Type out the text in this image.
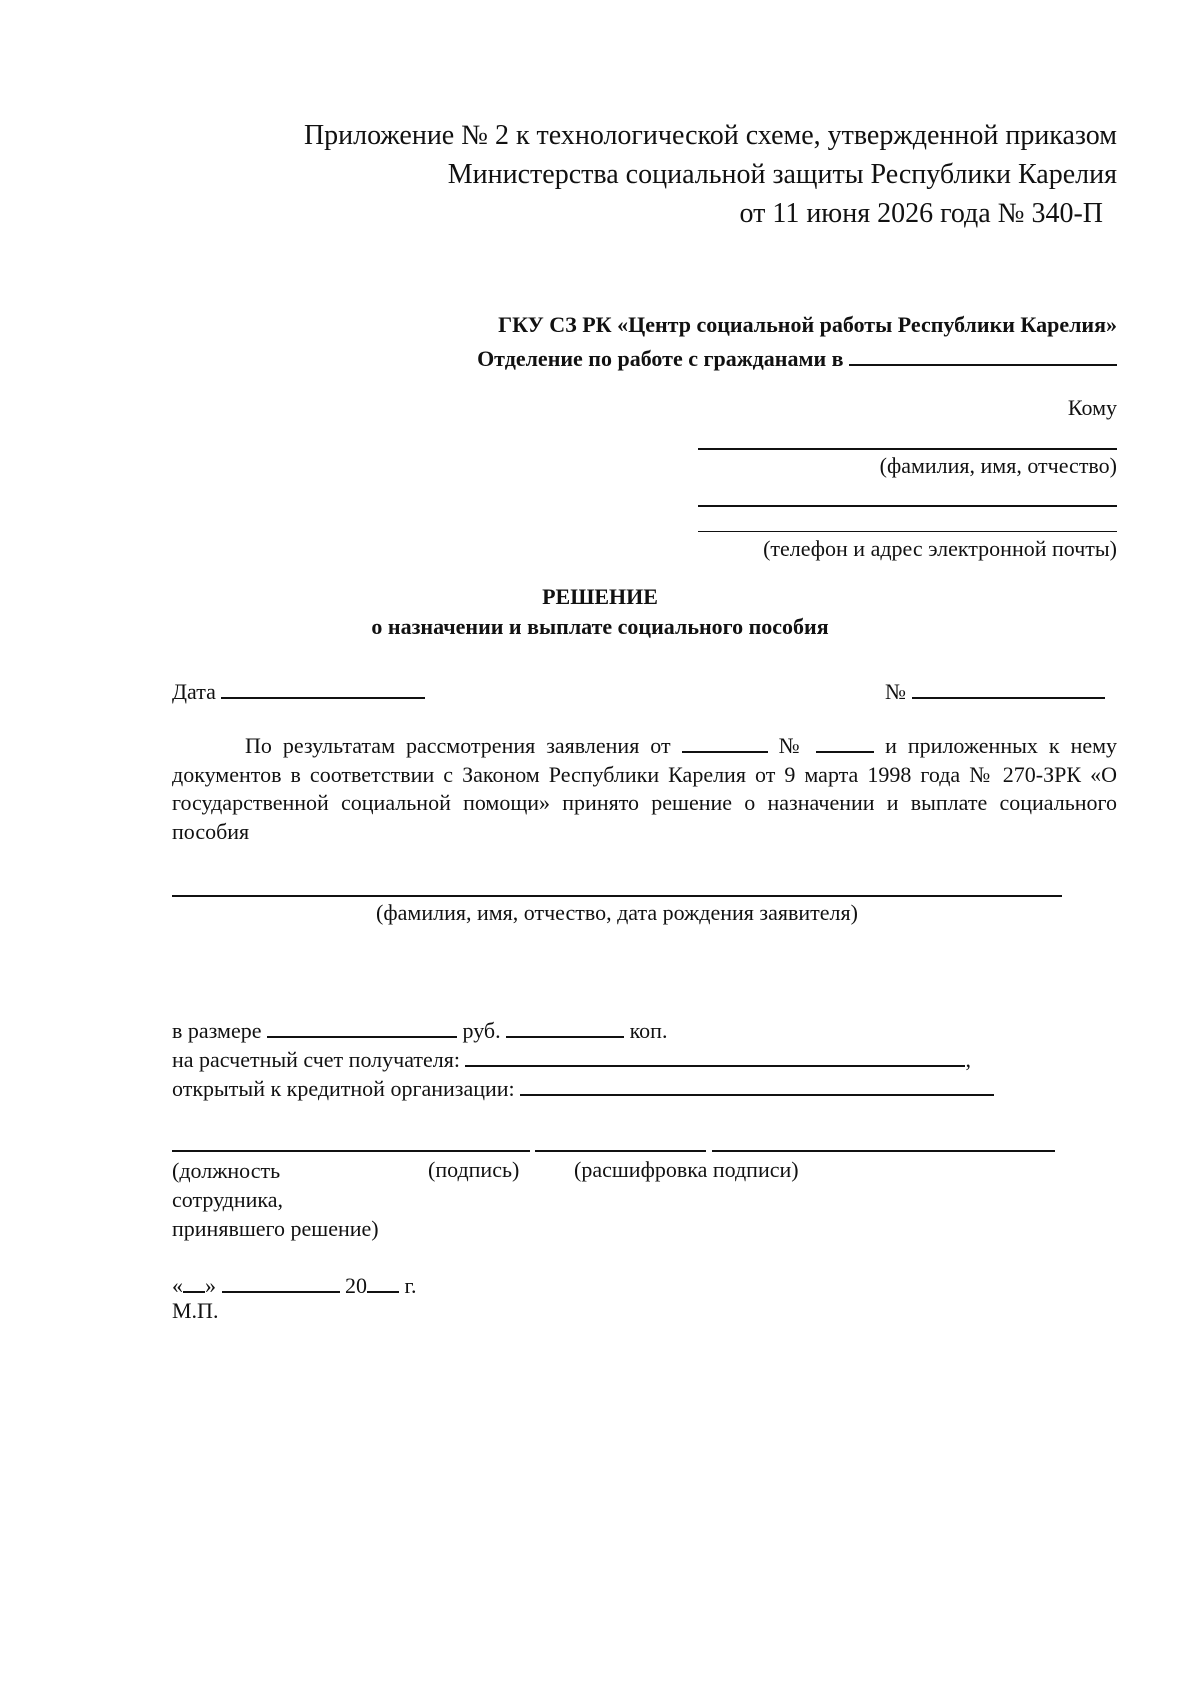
Приложение № 2 к технологической схеме, утвержденной приказом
Министерства социальной защиты Республики Карелия
от 11 июня 2026 года № 340-П
ГКУ СЗ РК «Центр социальной работы Республики Карелия»
Отделение по работе с гражданами в
Кому
(фамилия, имя, отчество)
(телефон и адрес электронной почты)
РЕШЕНИЕ
о назначении и выплате социального пособия
Дата	№
По результатам рассмотрения заявления от	№	и приложенных к нему документов в соответствии с Законом Республики Карелия от 9 марта 1998 года № 270-ЗРК «О государственной социальной помощи» принято решение о назначении и выплате социального пособия
(фамилия, имя, отчество, дата рождения заявителя)
в размере	руб.	коп.
на расчетный счет получателя:	,
открытый к кредитной организации:
(должность
сотрудника,
принявшего решение)
(подпись) (расшифровка подписи)
« »	20 г.
М.П.
